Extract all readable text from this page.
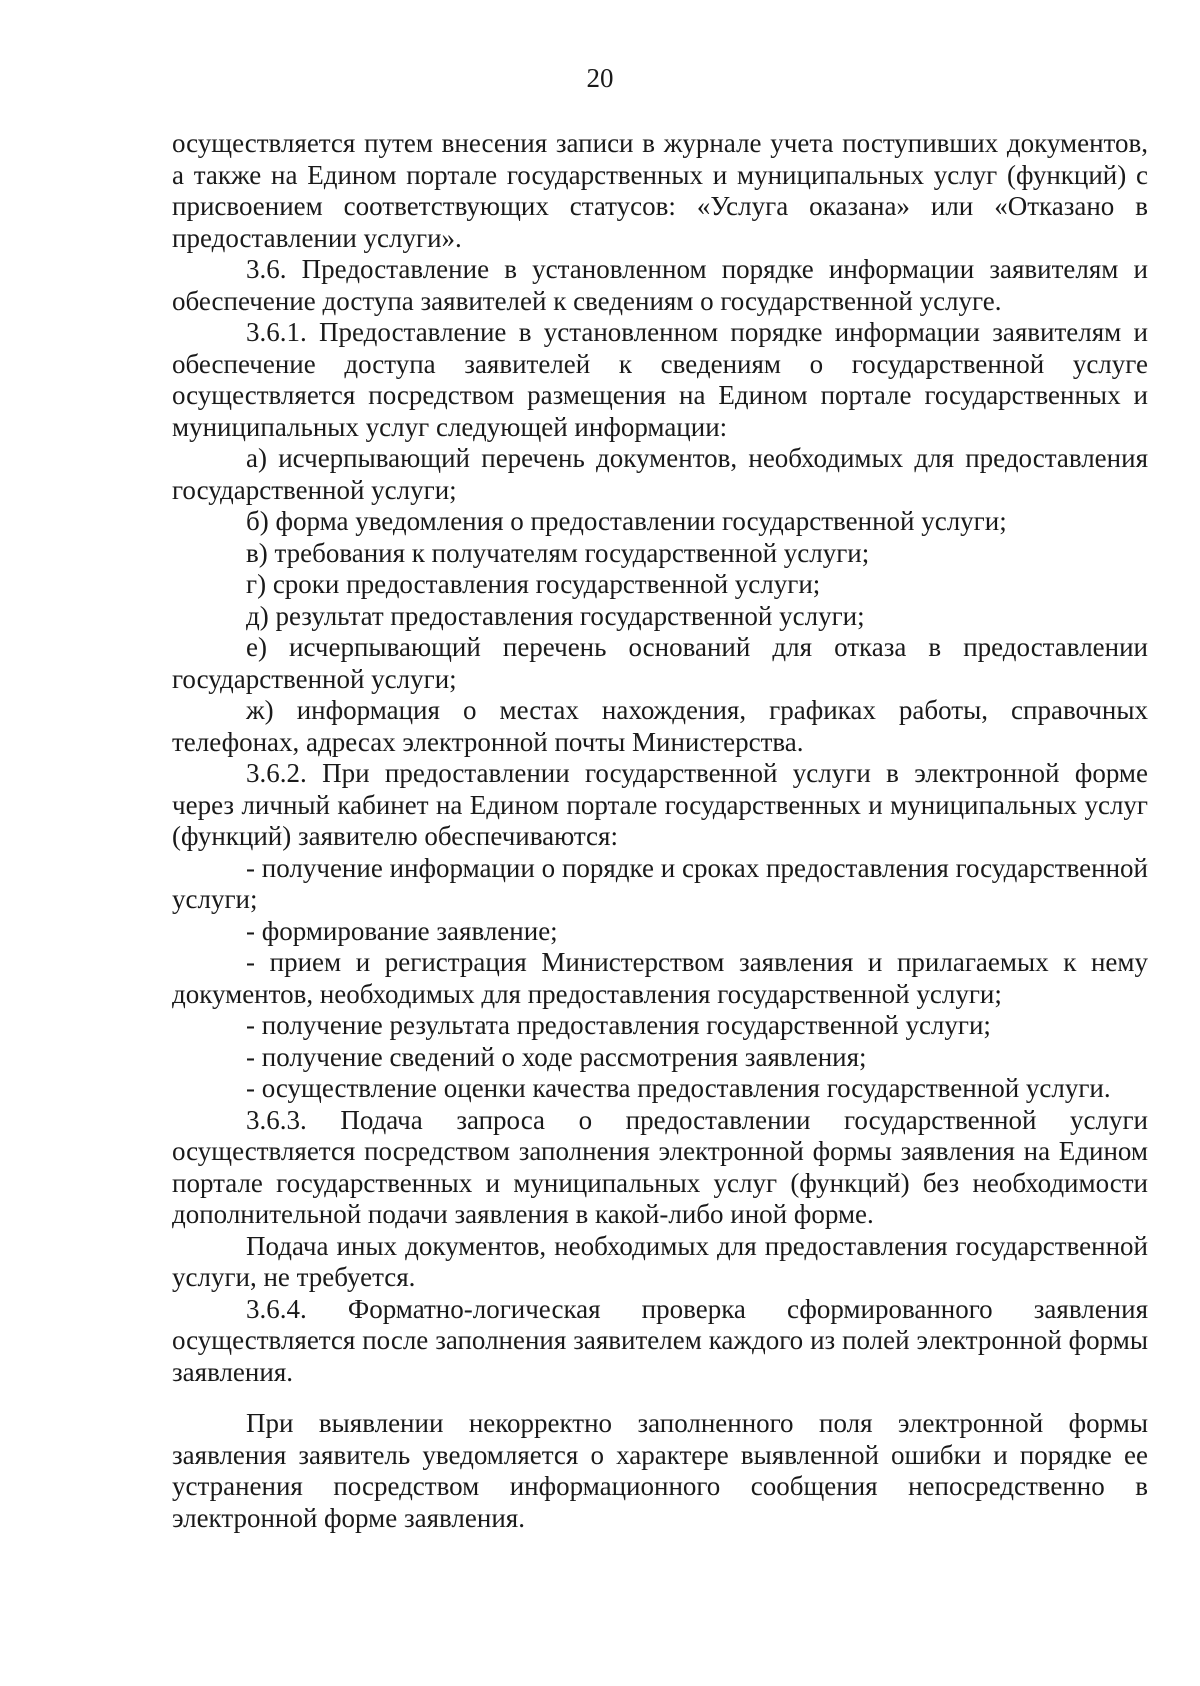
20

осуществляется путем внесения записи в журнале учета поступивших документов, а также на Едином портале государственных и муниципальных услуг (функций) с присвоением соответствующих статусов: «Услуга оказана» или «Отказано в предоставлении услуги».

3.6. Предоставление в установленном порядке информации заявителям и обеспечение доступа заявителей к сведениям о государственной услуге.

3.6.1. Предоставление в установленном порядке информации заявителям и обеспечение доступа заявителей к сведениям о государственной услуге осуществляется посредством размещения на Едином портале государственных и муниципальных услуг следующей информации:

а) исчерпывающий перечень документов, необходимых для предоставления государственной услуги;

б) форма уведомления о предоставлении государственной услуги;

в) требования к получателям государственной услуги;

г) сроки предоставления государственной услуги;

д) результат предоставления государственной услуги;

е) исчерпывающий перечень оснований для отказа в предоставлении государственной услуги;

ж) информация о местах нахождения, графиках работы, справочных телефонах, адресах электронной почты Министерства.

3.6.2. При предоставлении государственной услуги в электронной форме через личный кабинет на Едином портале государственных и муниципальных услуг (функций) заявителю обеспечиваются:

- получение информации о порядке и сроках предоставления государственной услуги;

- формирование заявление;

- прием и регистрация Министерством заявления и прилагаемых к нему документов, необходимых для предоставления государственной услуги;

- получение результата предоставления государственной услуги;

- получение сведений о ходе рассмотрения заявления;

- осуществление оценки качества предоставления государственной услуги.

3.6.3. Подача запроса о предоставлении государственной услуги осуществляется посредством заполнения электронной формы заявления на Едином портале государственных и муниципальных услуг (функций) без необходимости дополнительной подачи заявления в какой-либо иной форме.

Подача иных документов, необходимых для предоставления государственной услуги, не требуется.

3.6.4. Форматно-логическая проверка сформированного заявления осуществляется после заполнения заявителем каждого из полей электронной формы заявления.

При выявлении некорректно заполненного поля электронной формы заявления заявитель уведомляется о характере выявленной ошибки и порядке ее устранения посредством информационного сообщения непосредственно в электронной форме заявления.
